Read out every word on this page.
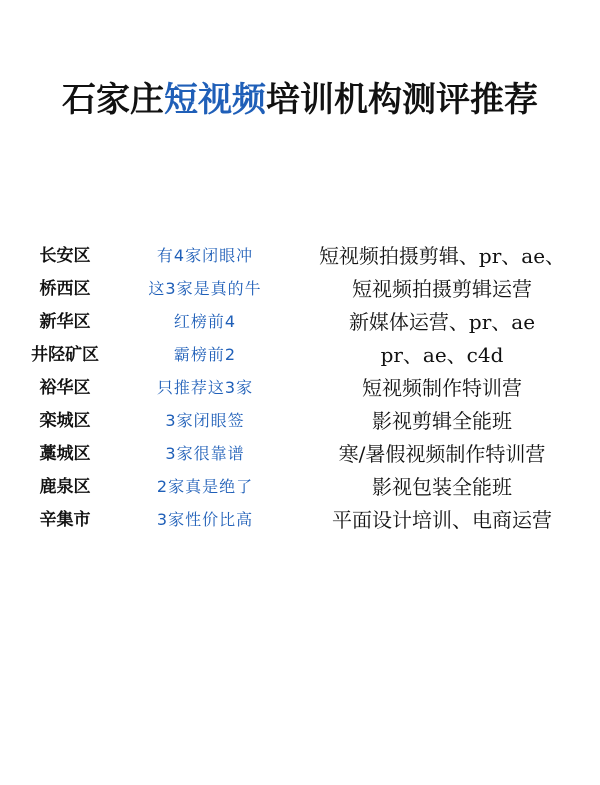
石家庄短视频培训机构测评推荐
长安区	有4家闭眼冲	短视频拍摄剪辑、pr、ae、
桥西区	这3家是真的牛	短视频拍摄剪辑运营
新华区	红榜前4	新媒体运营、pr、ae
井陉矿区	霸榜前2	pr、ae、c4d
裕华区	只推荐这3家	短视频制作特训营
栾城区	3家闭眼签	影视剪辑全能班
藁城区	3家很靠谱	寒/暑假视频制作特训营
鹿泉区	2家真是绝了	影视包装全能班
辛集市	3家性价比高	平面设计培训、电商运营
